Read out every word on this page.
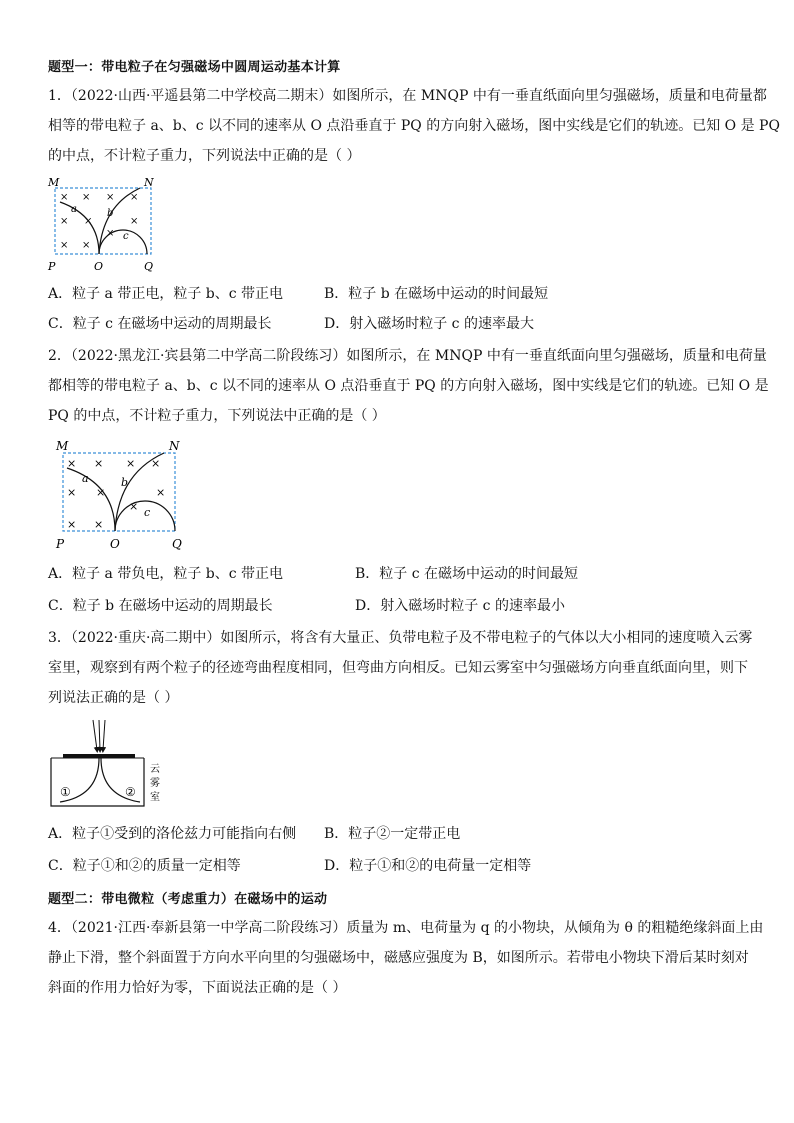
题型一：带电粒子在匀强磁场中圆周运动基本计算
1．（2022·山西·平遥县第二中学校高二期末）如图所示，在 MNQP 中有一垂直纸面向里匀强磁场，质量和电荷量都
相等的带电粒子 a、b、c 以不同的速率从 O 点沿垂直于 PQ 的方向射入磁场，图中实线是它们的轨迹。已知 O 是 PQ
的中点，不计粒子重力，下列说法中正确的是（ ）
M	N
P	O	Q
× × × ×
× ×	×
× ×
×
a	b
c
A．粒子 a 带正电，粒子 b、c 带正电	B．粒子 b 在磁场中运动的时间最短
C．粒子 c 在磁场中运动的周期最长	D．射入磁场时粒子 c 的速率最大
2．（2022·黑龙江·宾县第二中学高二阶段练习）如图所示，在 MNQP 中有一垂直纸面向里匀强磁场，质量和电荷量
都相等的带电粒子 a、b、c 以不同的速率从 O 点沿垂直于 PQ 的方向射入磁场，图中实线是它们的轨迹。已知 O 是
PQ 的中点，不计粒子重力，下列说法中正确的是（ ）
M	N
P	O	Q
× × × ×
× ×	×
× ×
×
a	b
c
A．粒子 a 带负电，粒子 b、c 带正电	B．粒子 c 在磁场中运动的时间最短
C．粒子 b 在磁场中运动的周期最长	D．射入磁场时粒子 c 的速率最小
3．（2022·重庆·高二期中）如图所示，将含有大量正、负带电粒子及不带电粒子的气体以大小相同的速度喷入云雾
室里，观察到有两个粒子的径迹弯曲程度相同，但弯曲方向相反。已知云雾室中匀强磁场方向垂直纸面向里，则下
列说法正确的是（ ）
①	②
云
雾
室
A．粒子①受到的洛伦兹力可能指向右侧 B．粒子②一定带正电
C．粒子①和②的质量一定相等	D．粒子①和②的电荷量一定相等
题型二：带电微粒（考虑重力）在磁场中的运动
4．（2021·江西·奉新县第一中学高二阶段练习）质量为 m、电荷量为 q 的小物块，从倾角为 θ 的粗糙绝缘斜面上由
静止下滑，整个斜面置于方向水平向里的匀强磁场中，磁感应强度为 B，如图所示。若带电小物块下滑后某时刻对
斜面的作用力恰好为零，下面说法正确的是（ ）
